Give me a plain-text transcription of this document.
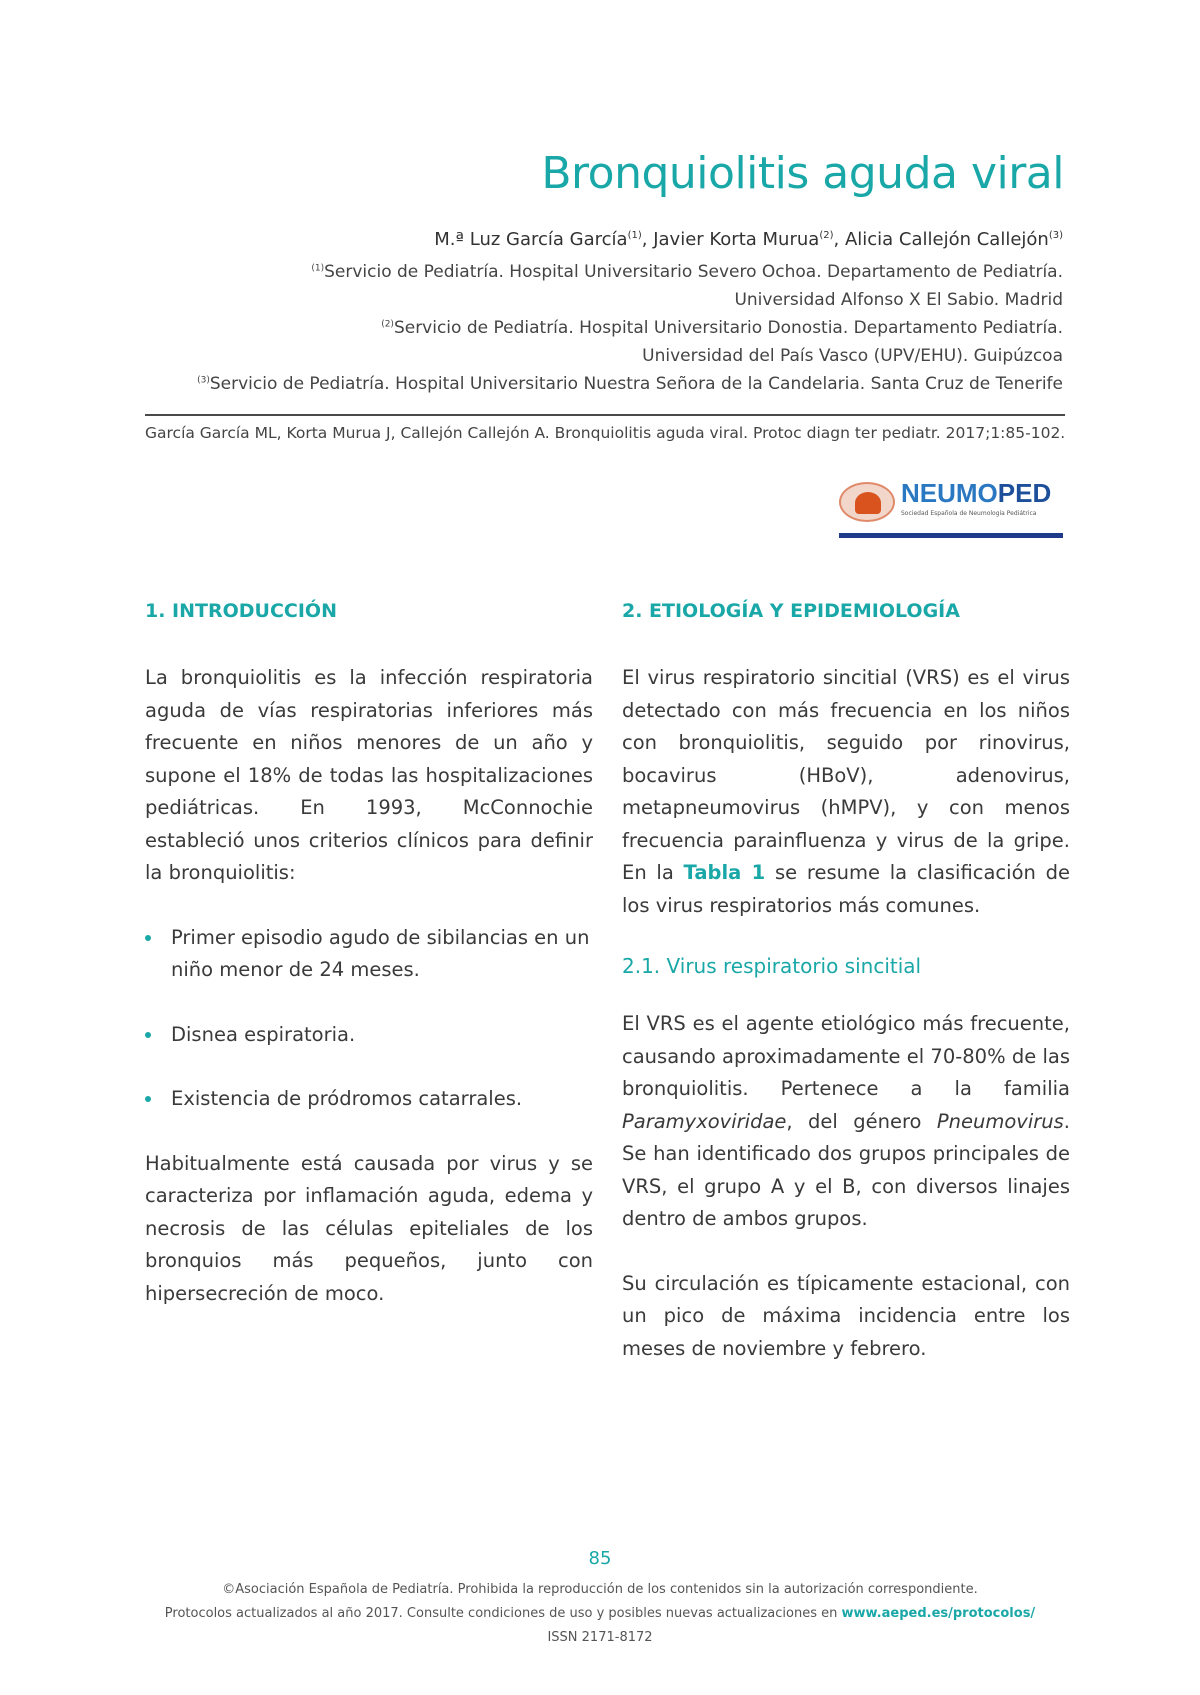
Bronquiolitis aguda viral
M.ª Luz García García$^{(1)}$, Javier Korta Murua$^{(2)}$, Alicia Callejón Callejón$^{(3)}$
$^{(1)}$Servicio de Pediatría. Hospital Universitario Severo Ochoa. Departamento de Pediatría.
Universidad Alfonso X El Sabio. Madrid
$^{(2)}$Servicio de Pediatría. Hospital Universitario Donostia. Departamento Pediatría.
Universidad del País Vasco (UPV/EHU). Guipúzcoa
$^{(3)}$Servicio de Pediatría. Hospital Universitario Nuestra Señora de la Candelaria. Santa Cruz de Tenerife
García García ML, Korta Murua J, Callejón Callejón A. Bronquiolitis aguda viral. Protoc diagn ter pediatr. 2017;1:85-102.
NEUMOPED
Sociedad Española de Neumología Pediátrica
1. INTRODUCCIÓN

La bronquiolitis es la infección respiratoria aguda de vías respiratorias inferiores más frecuente en niños menores de un año y supone el 18% de todas las hospitalizaciones pediátricas. En 1993, McConnochie estableció unos criterios clínicos para definir la bronquiolitis:

Primer episodio agudo de sibilancias en un niño menor de 24 meses.
Disnea espiratoria.
Existencia de pródromos catarrales.

Habitualmente está causada por virus y se caracteriza por inflamación aguda, edema y necrosis de las células epiteliales de los bronquios más pequeños, junto con hipersecreción de moco.

2. ETIOLOGÍA Y EPIDEMIOLOGÍA

El virus respiratorio sincitial (VRS) es el virus detectado con más frecuencia en los niños con bronquiolitis, seguido por rinovirus, bocavirus (HBoV), adenovirus, metapneumovirus (hMPV), y con menos frecuencia parainfluenza y virus de la gripe. En la Tabla 1 se resume la clasificación de los virus respiratorios más comunes.

2.1. Virus respiratorio sincitial

El VRS es el agente etiológico más frecuente, causando aproximadamente el 70-80% de las bronquiolitis. Pertenece a la familia Paramyxoviridae, del género Pneumovirus. Se han identificado dos grupos principales de VRS, el grupo A y el B, con diversos linajes dentro de ambos grupos.

Su circulación es típicamente estacional, con un pico de máxima incidencia entre los meses de noviembre y febrero.

85
©Asociación Española de Pediatría. Prohibida la reproducción de los contenidos sin la autorización correspondiente.
Protocolos actualizados al año 2017. Consulte condiciones de uso y posibles nuevas actualizaciones en www.aeped.es/protocolos/
ISSN 2171-8172
